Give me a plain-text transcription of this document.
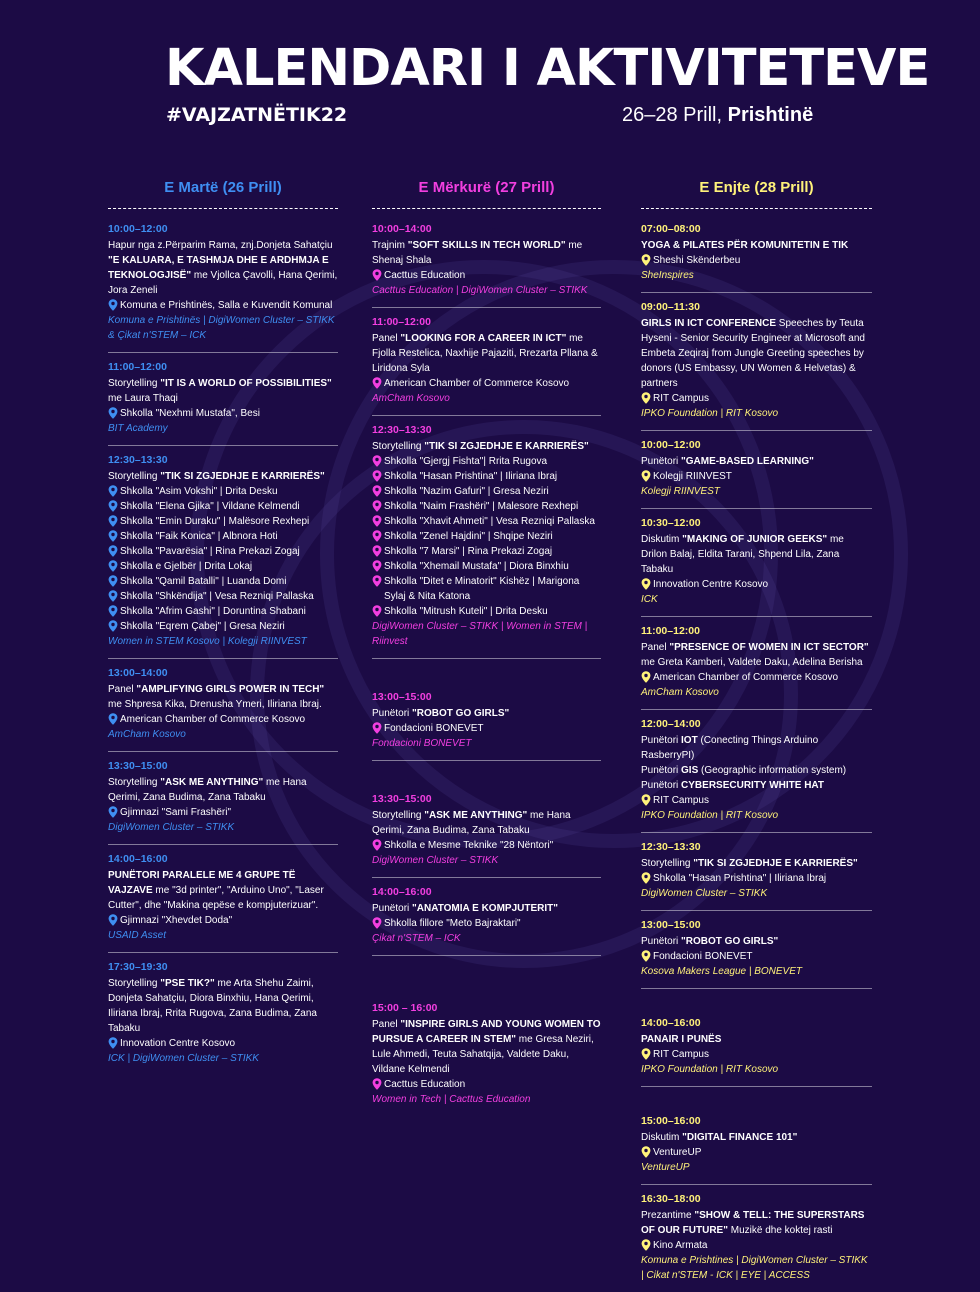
KALENDARI I AKTIVITETEVE
#VAJZATNËTIK22	26–28 Prill, Prishtinë
E Martë (26 Prill)
10:00–12:00
Hapur nga z.Përparim Rama, znj.Donjeta Sahatçiu
"E KALUARA, E TASHMJA DHE E ARDHMJA E TEKNOLOGJISË" me Vjollca Çavolli, Hana Qerimi, Jora Zeneli
Komuna e Prishtinës, Salla e Kuvendit Komunal
Komuna e Prishtinës | DigiWomen Cluster – STIKK & Çikat n'STEM – ICK
11:00–12:00
Storytelling "IT IS A WORLD OF POSSIBILITIES" me Laura Thaqi
Shkolla "Nexhmi Mustafa", Besi
BIT Academy
12:30–13:30
Storytelling "TIK SI ZGJEDHJE E KARRIERËS"
Shkolla "Asim Vokshi" | Drita Desku
Shkolla "Elena Gjika" | Vildane Kelmendi
Shkolla "Emin Duraku" | Malësore Rexhepi
Shkolla "Faik Konica" | Albnora Hoti
Shkolla "Pavarësia" | Rina Prekazi Zogaj
Shkolla e Gjelbër | Drita Lokaj
Shkolla "Qamil Batalli" | Luanda Domi
Shkolla "Shkëndija" | Vesa Rezniqi Pallaska
Shkolla "Afrim Gashi" | Doruntina Shabani
Shkolla "Eqrem Çabej" | Gresa Neziri
Women in STEM Kosovo | Kolegji RIINVEST
13:00–14:00
Panel "AMPLIFYING GIRLS POWER IN TECH" me Shpresa Kika, Drenusha Ymeri, Iliriana Ibraj.
American Chamber of Commerce Kosovo
AmCham Kosovo
13:30–15:00
Storytelling "ASK ME ANYTHING" me Hana Qerimi, Zana Budima, Zana Tabaku
Gjimnazi "Sami Frashëri"
DigiWomen Cluster – STIKK
14:00–16:00
PUNËTORI PARALELE ME 4 GRUPE TË VAJZAVE me "3d printer", "Arduino Uno", "Laser Cutter", dhe "Makina qepëse e kompjuterizuar".
Gjimnazi "Xhevdet Doda"
USAID Asset
17:30–19:30
Storytelling "PSE TIK?" me Arta Shehu Zaimi, Donjeta Sahatçiu, Diora Binxhiu, Hana Qerimi, Iliriana Ibraj, Rrita Rugova, Zana Budima, Zana Tabaku
Innovation Centre Kosovo
ICK | DigiWomen Cluster – STIKK
E Mërkurë (27 Prill)
10:00–14:00
Trajnim "SOFT SKILLS IN TECH WORLD" me Shenaj Shala
Cacttus Education
Cacttus Education | DigiWomen Cluster – STIKK
11:00–12:00
Panel "LOOKING FOR A CAREER IN ICT" me Fjolla Restelica, Naxhije Pajaziti, Rrezarta Pllana & Liridona Syla
American Chamber of Commerce Kosovo
AmCham Kosovo
12:30–13:30
Storytelling "TIK SI ZGJEDHJE E KARRIERËS"
Shkolla "Gjergj Fishta"| Rrita Rugova
Shkolla "Hasan Prishtina" | Iliriana Ibraj
Shkolla "Nazim Gafuri" | Gresa Neziri
Shkolla "Naim Frashëri" | Malesore Rexhepi
Shkolla "Xhavit Ahmeti" | Vesa Rezniqi Pallaska
Shkolla "Zenel Hajdini" | Shqipe Neziri
Shkolla "7 Marsi" | Rina Prekazi Zogaj
Shkolla "Xhemail Mustafa" | Diora Binxhiu
Shkolla "Ditet e Minatorit" Kishëz | Marigona Sylaj & Nita Katona
Shkolla "Mitrush Kuteli" | Drita Desku
DigiWomen Cluster – STIKK | Women in STEM | Riinvest
13:00–15:00
Punëtori "ROBOT GO GIRLS"
Fondacioni BONEVET
Fondacioni BONEVET
13:30–15:00
Storytelling "ASK ME ANYTHING" me Hana Qerimi, Zana Budima, Zana Tabaku
Shkolla e Mesme Teknike "28 Nëntori"
DigiWomen Cluster – STIKK
14:00–16:00
Punëtori "ANATOMIA E KOMPJUTERIT"
Shkolla fillore "Meto Bajraktari"
Çikat n'STEM – ICK
15:00 – 16:00
Panel "INSPIRE GIRLS AND YOUNG WOMEN TO PURSUE A CAREER IN STEM" me Gresa Neziri, Lule Ahmedi, Teuta Sahatqija, Valdete Daku, Vildane Kelmendi
Cacttus Education
Women in Tech | Cacttus Education
E Enjte (28 Prill)
07:00–08:00
YOGA & PILATES PËR KOMUNITETIN E TIK
Sheshi Skënderbeu
SheInspires
09:00–11:30
GIRLS IN ICT CONFERENCE Speeches by Teuta Hyseni - Senior Security Engineer at Microsoft and Embeta Zeqiraj from Jungle Greeting speeches by donors (US Embassy, UN Women & Helvetas) & partners
RIT Campus
IPKO Foundation | RIT Kosovo
10:00–12:00
Punëtori "GAME-BASED LEARNING"
Kolegji RIINVEST
Kolegji RIINVEST
10:30–12:00
Diskutim "MAKING OF JUNIOR GEEKS" me Drilon Balaj, Eldita Tarani, Shpend Lila, Zana Tabaku
Innovation Centre Kosovo
ICK
11:00–12:00
Panel "PRESENCE OF WOMEN IN ICT SECTOR" me Greta Kamberi, Valdete Daku, Adelina Berisha
American Chamber of Commerce Kosovo
AmCham Kosovo
12:00–14:00
Punëtori IOT (Conecting Things Arduino RasberryPI)
Punëtori GIS (Geographic information system)
Punëtori CYBERSECURITY WHITE HAT
RIT Campus
IPKO Foundation | RIT Kosovo
12:30–13:30
Storytelling "TIK SI ZGJEDHJE E KARRIERËS"
Shkolla "Hasan Prishtina" | Iliriana Ibraj
DigiWomen Cluster – STIKK
13:00–15:00
Punëtori "ROBOT GO GIRLS"
Fondacioni BONEVET
Kosova Makers League | BONEVET
14:00–16:00
PANAIR I PUNËS
RIT Campus
IPKO Foundation | RIT Kosovo
15:00–16:00
Diskutim "DIGITAL FINANCE 101"
VentureUP
VentureUP
16:30–18:00
Prezantime "SHOW & TELL: THE SUPERSTARS OF OUR FUTURE" Muzikë dhe koktej rasti
Kino Armata
Komuna e Prishtines | DigiWomen Cluster – STIKK | Cikat n'STEM - ICK | EYE | ACCESS
